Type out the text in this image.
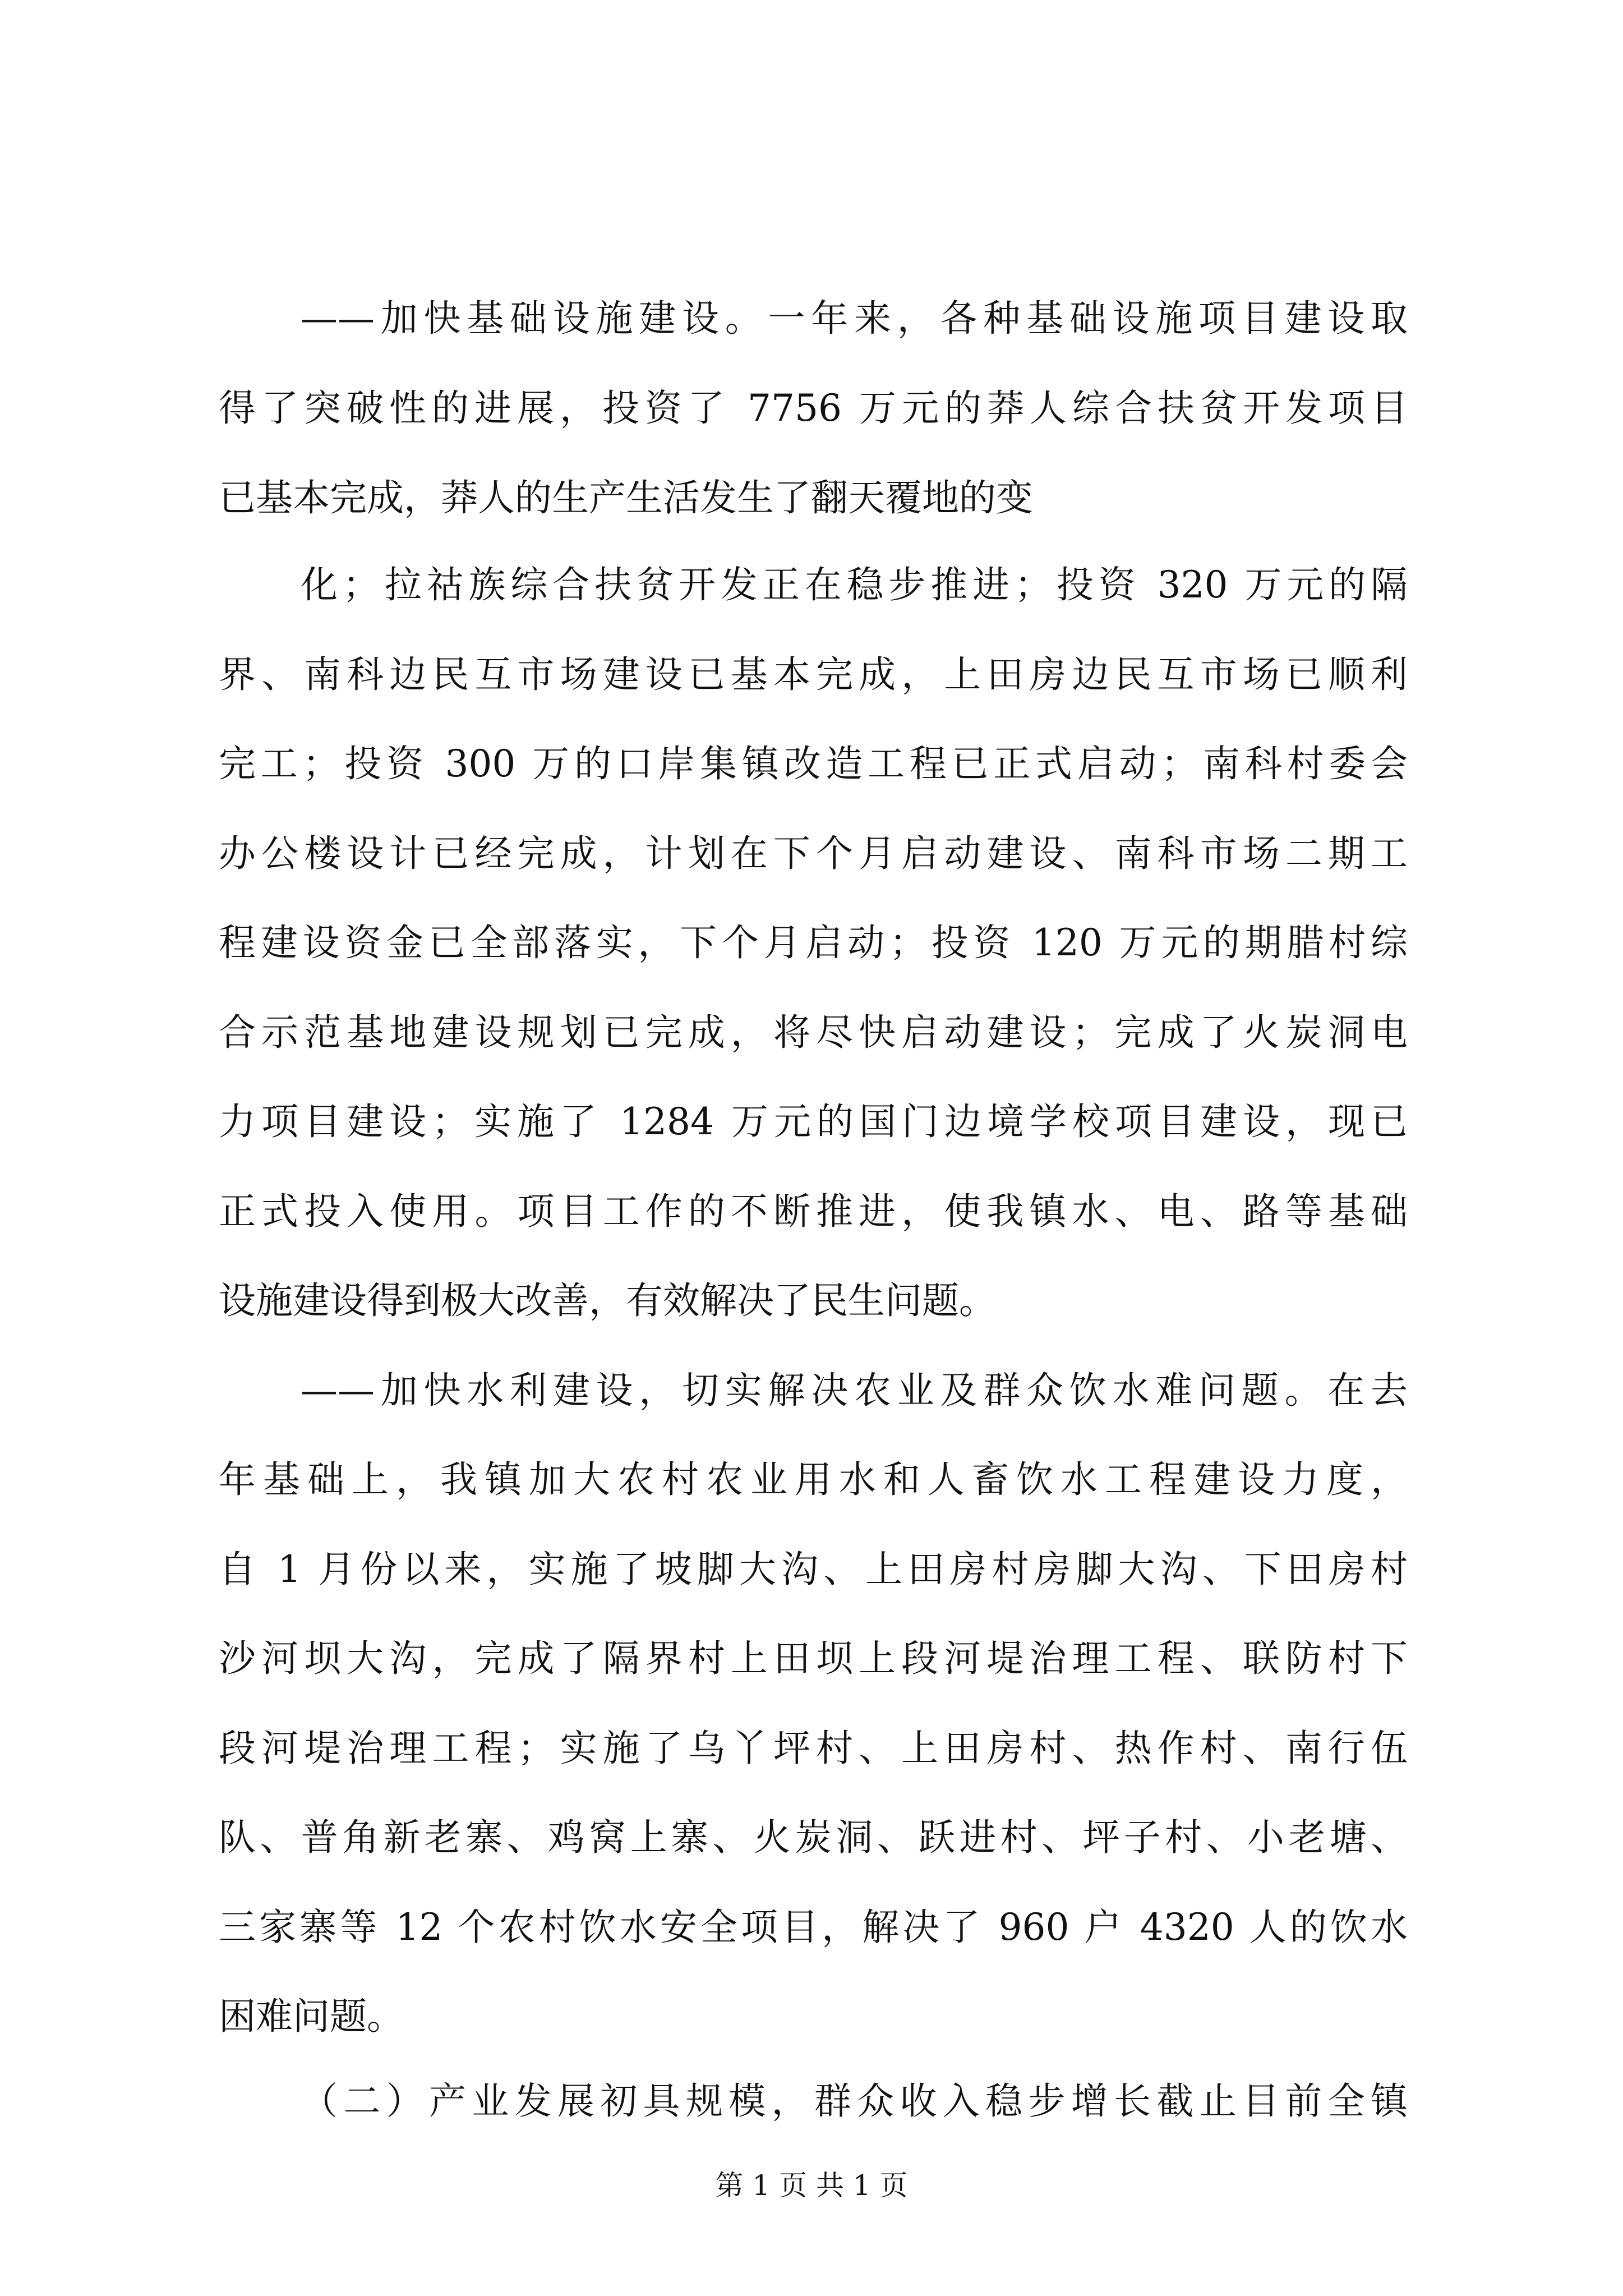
——加快基础设施建设。一年来，各种基础设施项目建设取
得了突破性的进展，投资了 7756 万元的莽人综合扶贫开发项目
已基本完成，莽人的生产生活发生了翻天覆地的变
化；拉祜族综合扶贫开发正在稳步推进；投资 320 万元的隔
界、南科边民互市场建设已基本完成，上田房边民互市场已顺利
完工；投资 300 万的口岸集镇改造工程已正式启动；南科村委会
办公楼设计已经完成，计划在下个月启动建设、南科市场二期工
程建设资金已全部落实，下个月启动；投资 120 万元的期腊村综
合示范基地建设规划已完成，将尽快启动建设；完成了火炭洞电
力项目建设；实施了 1284 万元的国门边境学校项目建设，现已
正式投入使用。项目工作的不断推进，使我镇水、电、路等基础
设施建设得到极大改善，有效解决了民生问题。
——加快水利建设，切实解决农业及群众饮水难问题。在去
年基础上，我镇加大农村农业用水和人畜饮水工程建设力度，
自 1 月份以来，实施了坡脚大沟、上田房村房脚大沟、下田房村
沙河坝大沟，完成了隔界村上田坝上段河堤治理工程、联防村下
段河堤治理工程；实施了乌丫坪村、上田房村、热作村、南行伍
队、普角新老寨、鸡窝上寨、火炭洞、跃进村、坪子村、小老塘、
三家寨等 12 个农村饮水安全项目，解决了 960 户 4320 人的饮水
困难问题。
（二）产业发展初具规模，群众收入稳步增长截止目前全镇
第 1 页 共 1 页
